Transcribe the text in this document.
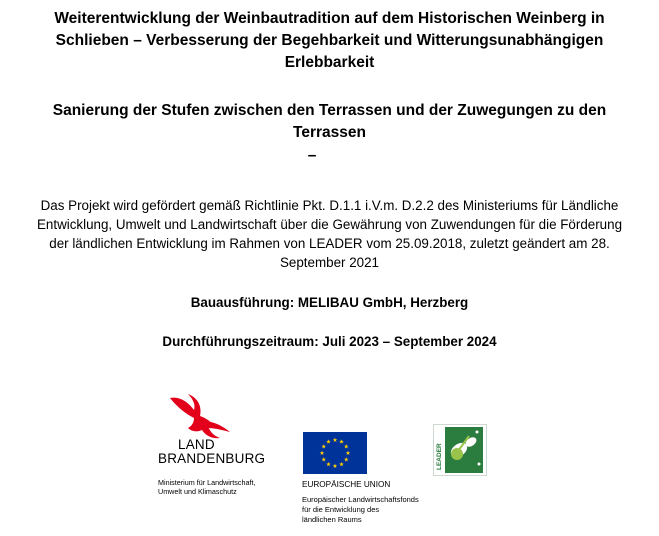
Weiterentwicklung der Weinbautradition auf dem Historischen Weinberg in
Schlieben – Verbesserung der Begehbarkeit und Witterungsunabhängigen
Erlebbarkeit
Sanierung der Stufen zwischen den Terrassen und der Zuwegungen zu den
Terrassen
–
Das Projekt wird gefördert gemäß Richtlinie Pkt. D.1.1 i.V.m. D.2.2 des Ministeriums für Ländliche
Entwicklung, Umwelt und Landwirtschaft über die Gewährung von Zuwendungen für die Förderung
der ländlichen Entwicklung im Rahmen von LEADER vom 25.09.2018, zuletzt geändert am 28.
September 2021
Bauausführung: MELIBAU GmbH, Herzberg
Durchführungszeitraum: Juli 2023 – September 2024
LAND
BRANDENBURG
Ministerium für Landwirtschaft,
Umwelt und Klimaschutz
EUROPÄISCHE UNION
Europäischer Landwirtschaftsfonds
für die Entwicklung des
ländlichen Raums
LEADER
